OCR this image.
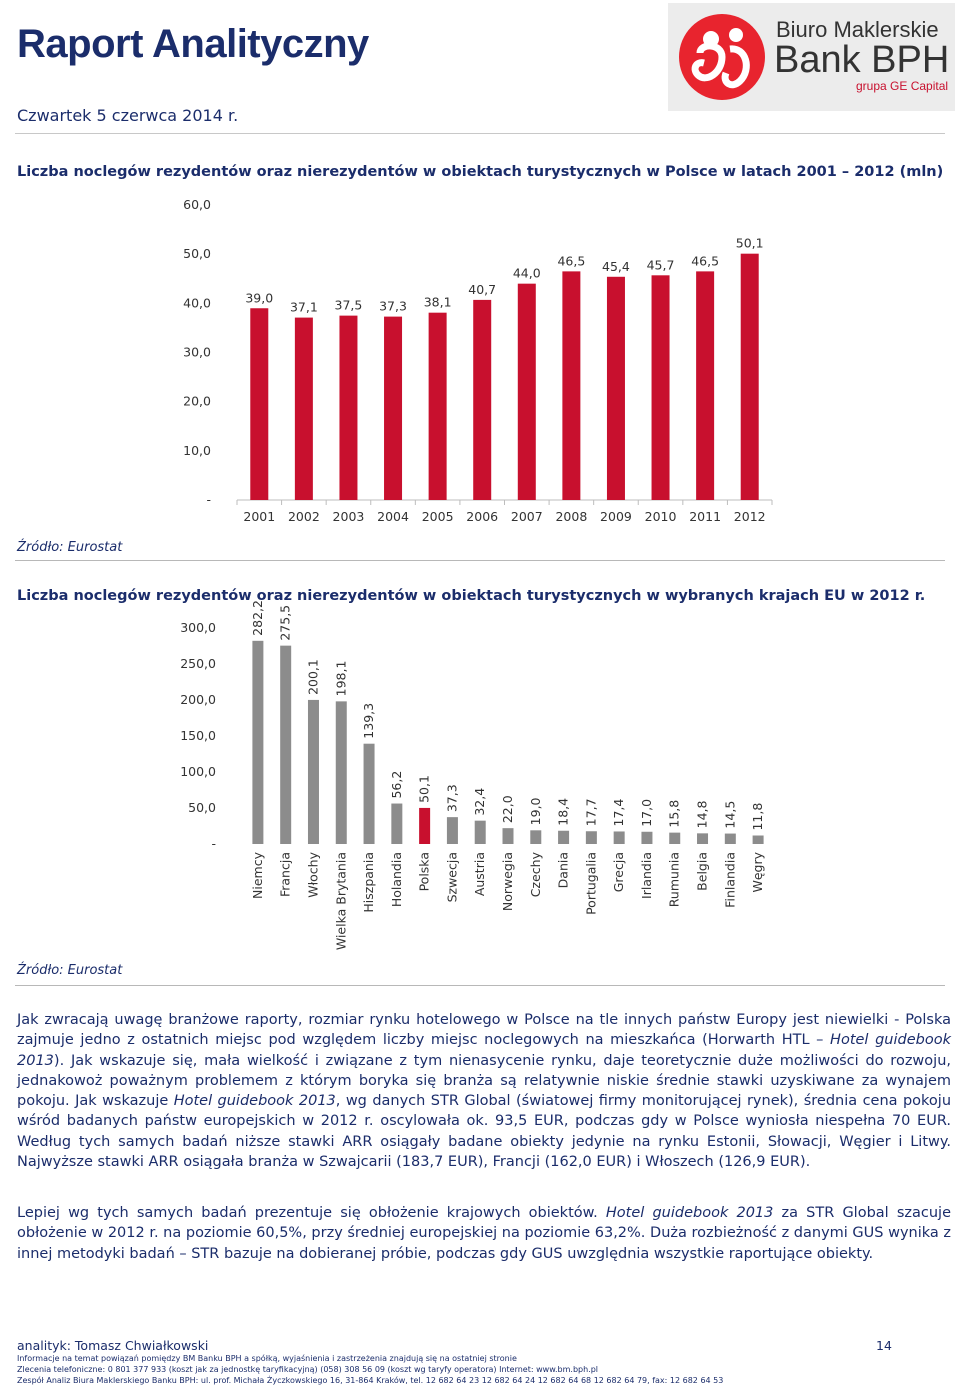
Raport Analityczny
Czwartek 5 czerwca 2014 r.
Biuro Maklerskie
Bank BPH
grupa GE Capital
Liczba noclegów rezydentów oraz nierezydentów w obiektach turystycznych w Polsce w latach 2001 – 2012 (mln)
-
10,0
20,0
30,0
40,0
50,0
60,0
39,0
2001
37,1
2002
37,5
2003
37,3
2004
38,1
2005
40,7
2006
44,0
2007
46,5
2008
45,4
2009
45,7
2010
46,5
2011
50,1
2012
Źródło: Eurostat
Liczba noclegów rezydentów oraz nierezydentów w obiektach turystycznych w wybranych krajach EU w 2012 r.
-
50,0
100,0
150,0
200,0
250,0
300,0	282,2
Niemcy
275,5
Francja
200,1
Włochy
198,1
Wielka Brytania
139,3
Hiszpania
56,2
Holandia
50,1
Polska
37,3
Szwecja
32,4
Austria
22,0
Norwegia
19,0
Czechy
18,4
Dania
17,7
Portugalia
17,4
Grecja
17,0
Irlandia
15,8
Rumunia
14,8
Belgia
14,5
Finlandia
11,8
Węgry
Źródło: Eurostat
Jak zwracają uwagę branżowe raporty, rozmiar rynku hotelowego w Polsce na tle innych państw Europy jest niewielki - Polska zajmuje jedno z ostatnich miejsc pod względem liczby miejsc noclegowych na mieszkańca (Horwarth HTL – Hotel guidebook 2013). Jak wskazuje się, mała wielkość i związane z tym nienasycenie rynku, daje teoretycznie duże możliwości do rozwoju, jednakowoż poważnym problemem z którym boryka się branża są relatywnie niskie średnie stawki uzyskiwane za wynajem pokoju. Jak wskazuje Hotel guidebook 2013, wg danych STR Global (światowej firmy monitorującej rynek), średnia cena pokoju wśród badanych państw europejskich w 2012 r. oscylowała ok. 93,5 EUR, podczas gdy w Polsce wyniosła niespełna 70 EUR. Według tych samych badań niższe stawki ARR osiągały badane obiekty jedynie na rynku Estonii, Słowacji, Węgier i Litwy. Najwyższe stawki ARR osiągała branża w Szwajcarii (183,7 EUR), Francji (162,0 EUR) i Włoszech (126,9 EUR).
Lepiej wg tych samych badań prezentuje się obłożenie krajowych obiektów. Hotel guidebook 2013 za STR Global szacuje obłożenie w 2012 r. na poziomie 60,5%, przy średniej europejskiej na poziomie 63,2%. Duża rozbieżność z danymi GUS wynika z innej metodyki badań – STR bazuje na dobieranej próbie, podczas gdy GUS uwzględnia wszystkie raportujące obiekty.
analityk: Tomasz Chwiałkowski	14
Informacje na temat powiązań pomiędzy BM Banku BPH a spółką, wyjaśnienia i zastrzeżenia znajdują się na ostatniej stronie
Zlecenia telefoniczne: 0 801 377 933 (koszt jak za jednostkę taryfikacyjną) (058) 308 56 09 (koszt wg taryfy operatora) Internet: www.bm.bph.pl
Zespół Analiz Biura Maklerskiego Banku BPH: ul. prof. Michała Życzkowskiego 16, 31-864 Kraków, tel. 12 682 64 23 12 682 64 24 12 682 64 68 12 682 64 79, fax: 12 682 64 53
